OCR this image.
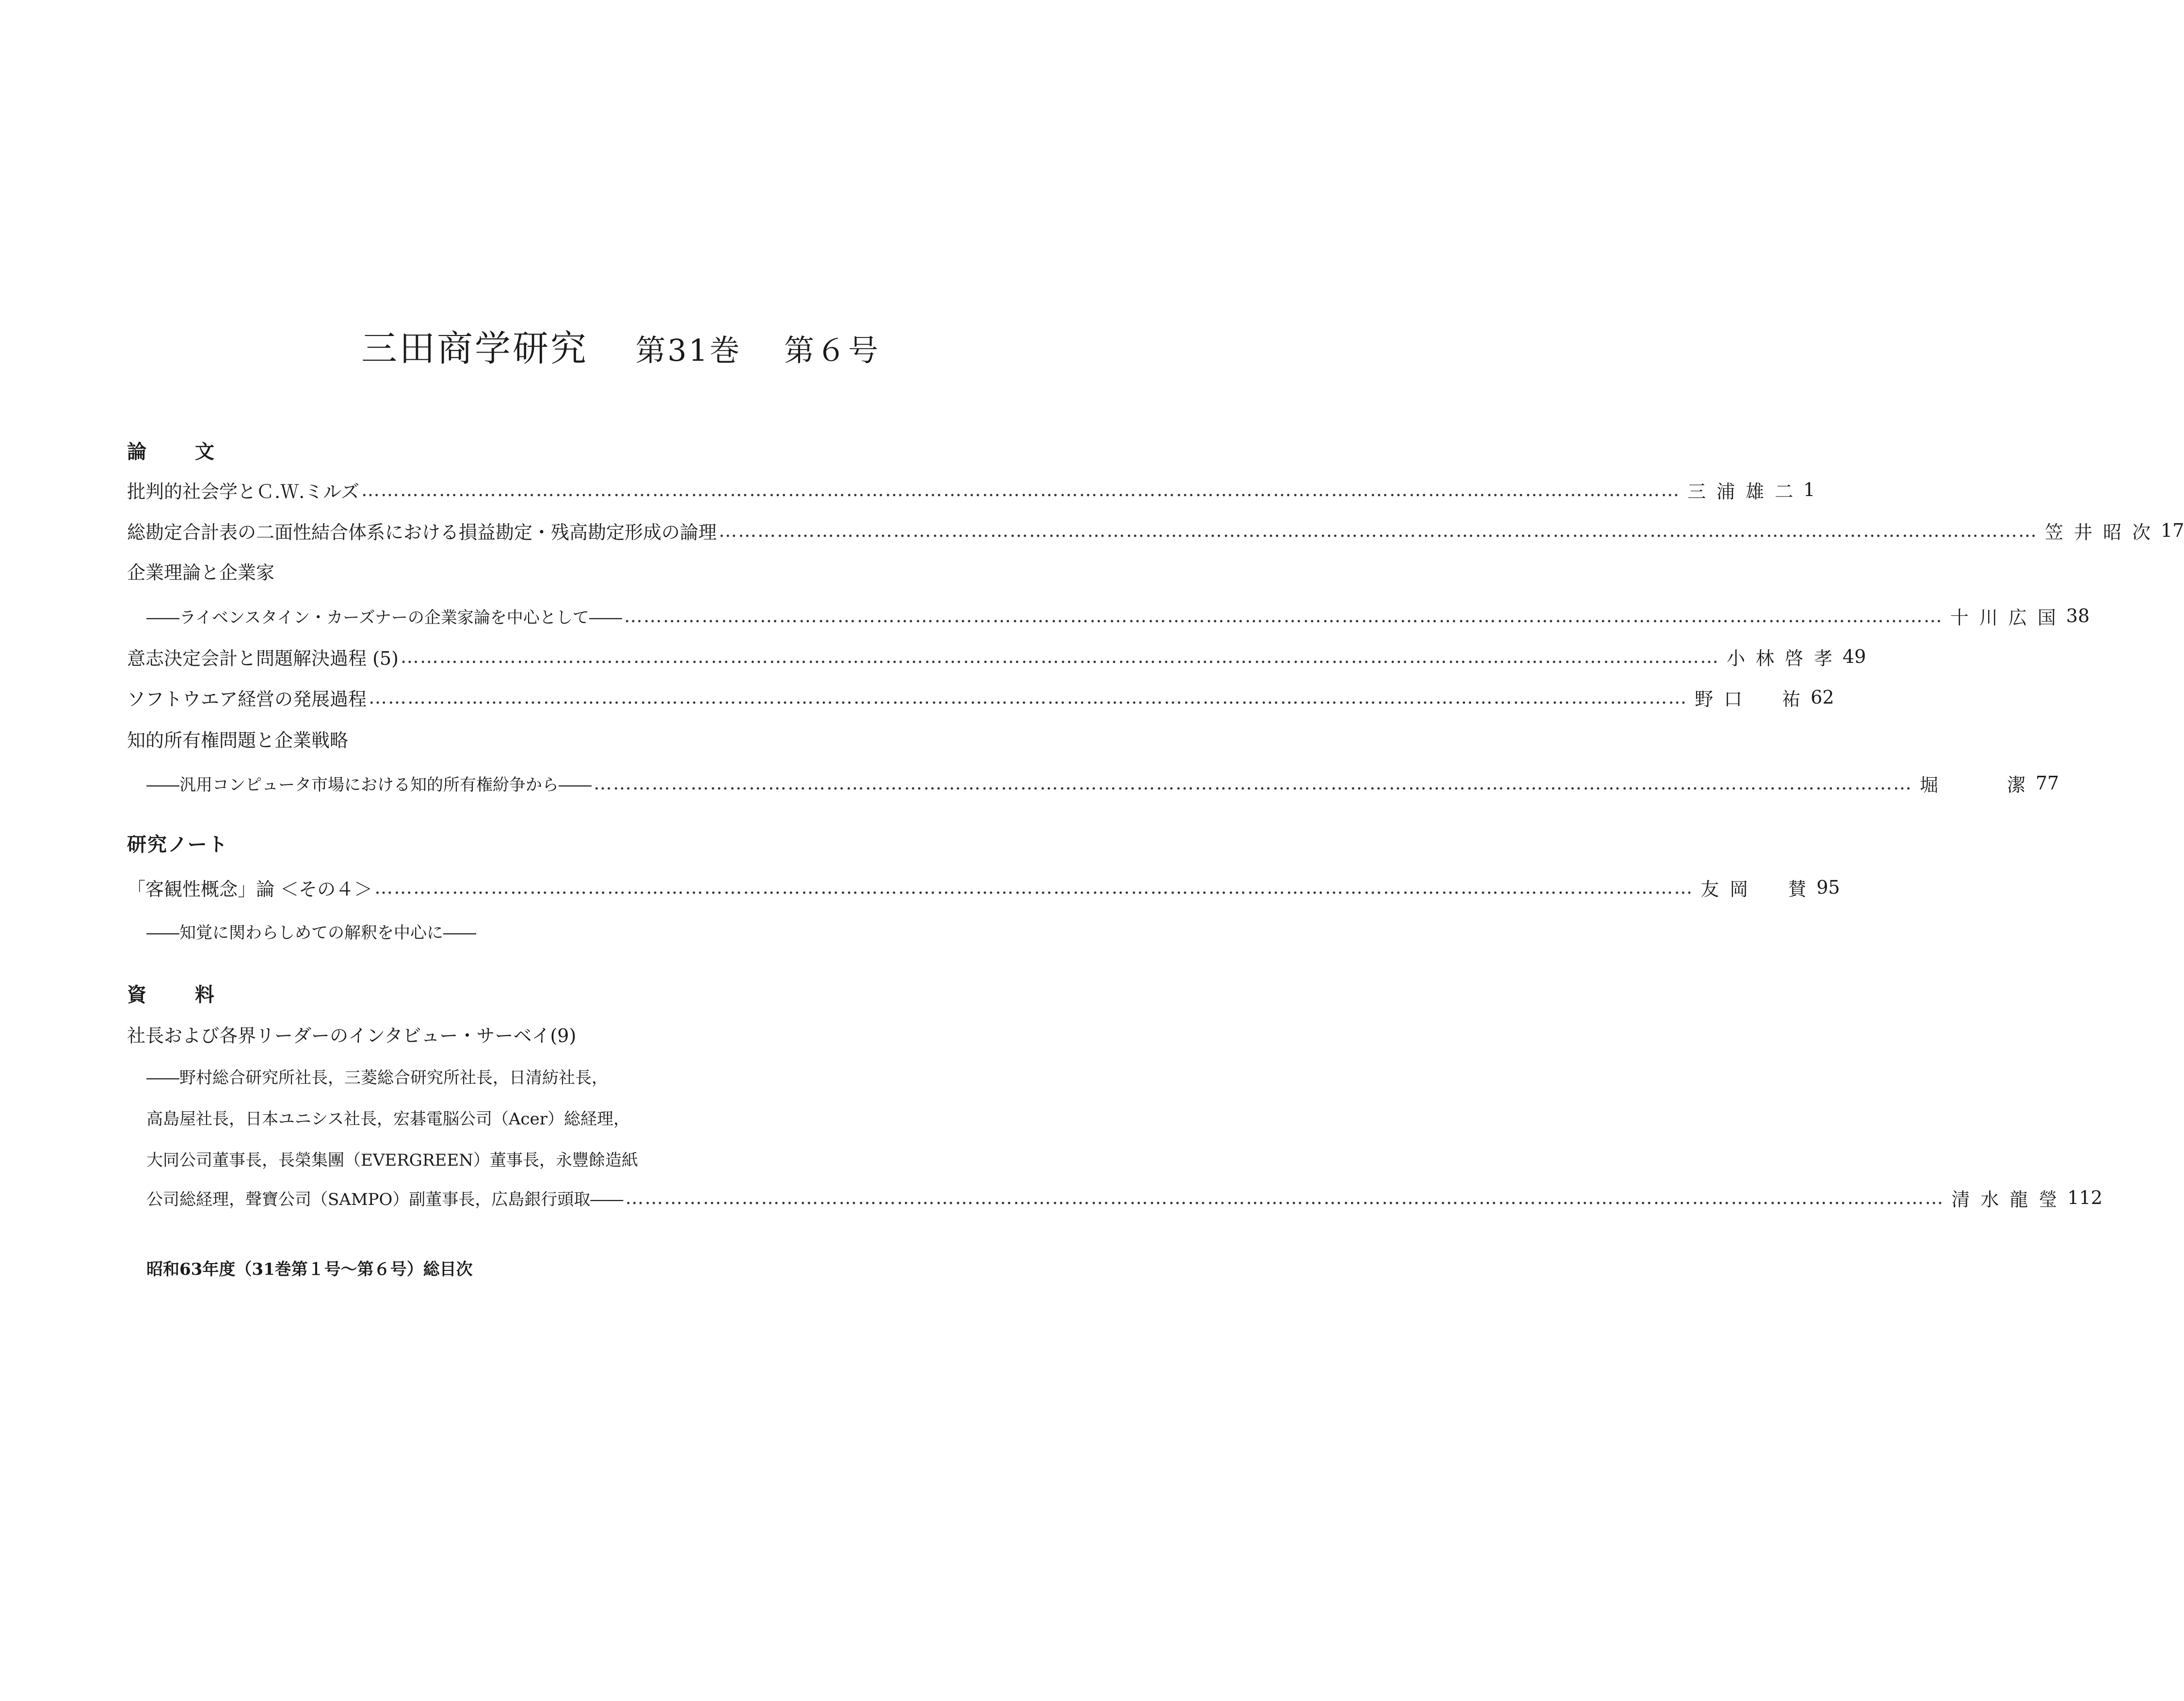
三田商学研究 第31巻 第６号
論　文
批判的社会学とＣ.Ｗ.ミルズ …………………………………………………………………………………………………………………………………………………………………………………… 三 浦 雄 二 1
総勘定合計表の二面性結合体系における損益勘定・残高勘定形成の論理 …………………………………………………………………………………………………………………………………………………………………………………… 笠 井 昭 次 17
企業理論と企業家
――ライベンスタイン・カーズナーの企業家論を中心として―― …………………………………………………………………………………………………………………………………………………………………………………… 十 川 広 国 38
意志決定会計と問題解決過程 (5) …………………………………………………………………………………………………………………………………………………………………………………… 小 林 啓 孝 49
ソフトウエア経営の発展過程 …………………………………………………………………………………………………………………………………………………………………………………… 野 口 祐 62
知的所有権問題と企業戦略
――汎用コンピュータ市場における知的所有権紛争から―― …………………………………………………………………………………………………………………………………………………………………………………… 堀	潔 77
研究ノート
「客観性概念」論 ＜その４＞ …………………………………………………………………………………………………………………………………………………………………………………… 友 岡 賛 95
――知覚に関わらしめての解釈を中心に――
資　料
社長および各界リーダーのインタビュー・サーベイ(9)
――野村総合研究所社長，三菱総合研究所社長，日清紡社長，
高島屋社長，日本ユニシス社長，宏碁電脳公司（Acer）総経理，
大同公司董事長，長榮集團（EVERGREEN）董事長，永豐餘造紙
公司総経理，聲寶公司（SAMPO）副董事長，広島銀行頭取―― …………………………………………………………………………………………………………………………………………………………………………………… 清 水 龍 瑩 112
昭和63年度（31巻第１号～第６号）総目次
